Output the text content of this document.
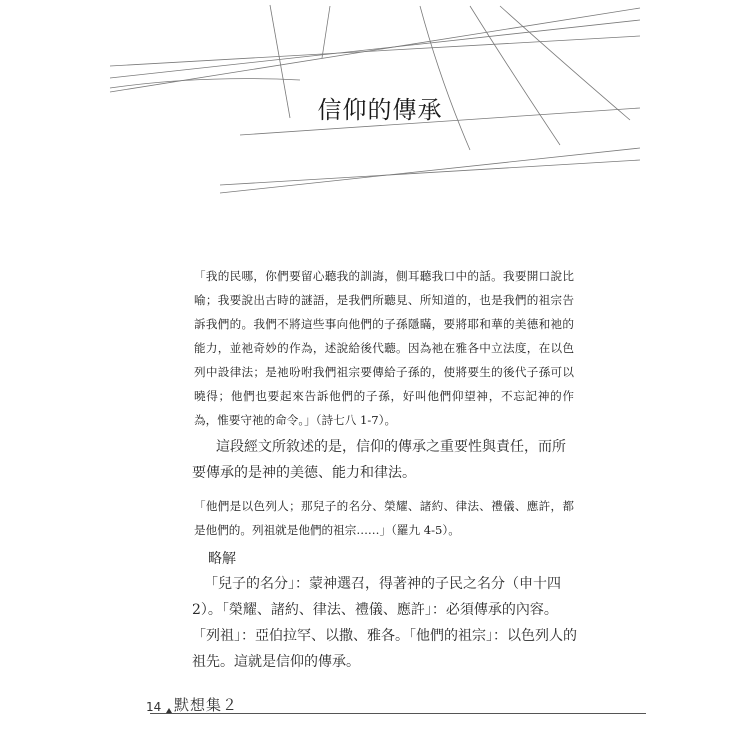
信仰的傳承

「我的民哪，你們要留心聽我的訓誨，側耳聽我口中的話。我要開口說比喻；我要說出古時的謎語，是我們所聽見、所知道的，也是我們的祖宗告訴我們的。我們不將這些事向他們的子孫隱瞞，要將耶和華的美德和祂的能力，並祂奇妙的作為，述說給後代聽。因為祂在雅各中立法度，在以色列中設律法；是祂吩咐我們祖宗要傳給子孫的，使將要生的後代子孫可以曉得；他們也要起來告訴他們的子孫，好叫他們仰望神，不忘記神的作為，惟要守祂的命令。」（詩七八 1-7）。

這段經文所敘述的是，信仰的傳承之重要性與責任，而所要傳承的是神的美德、能力和律法。

「他們是以色列人；那兒子的名分、榮耀、諸約、律法、禮儀、應許，都是他們的。列祖就是他們的祖宗……」（羅九 4-5）。

略解

「兒子的名分」：蒙神選召，得著神的子民之名分（申十四2）。「榮耀、諸約、律法、禮儀、應許」：必須傳承的內容。「列祖」：亞伯拉罕、以撒、雅各。「他們的祖宗」：以色列人的祖先。這就是信仰的傳承。

14 默想集２
